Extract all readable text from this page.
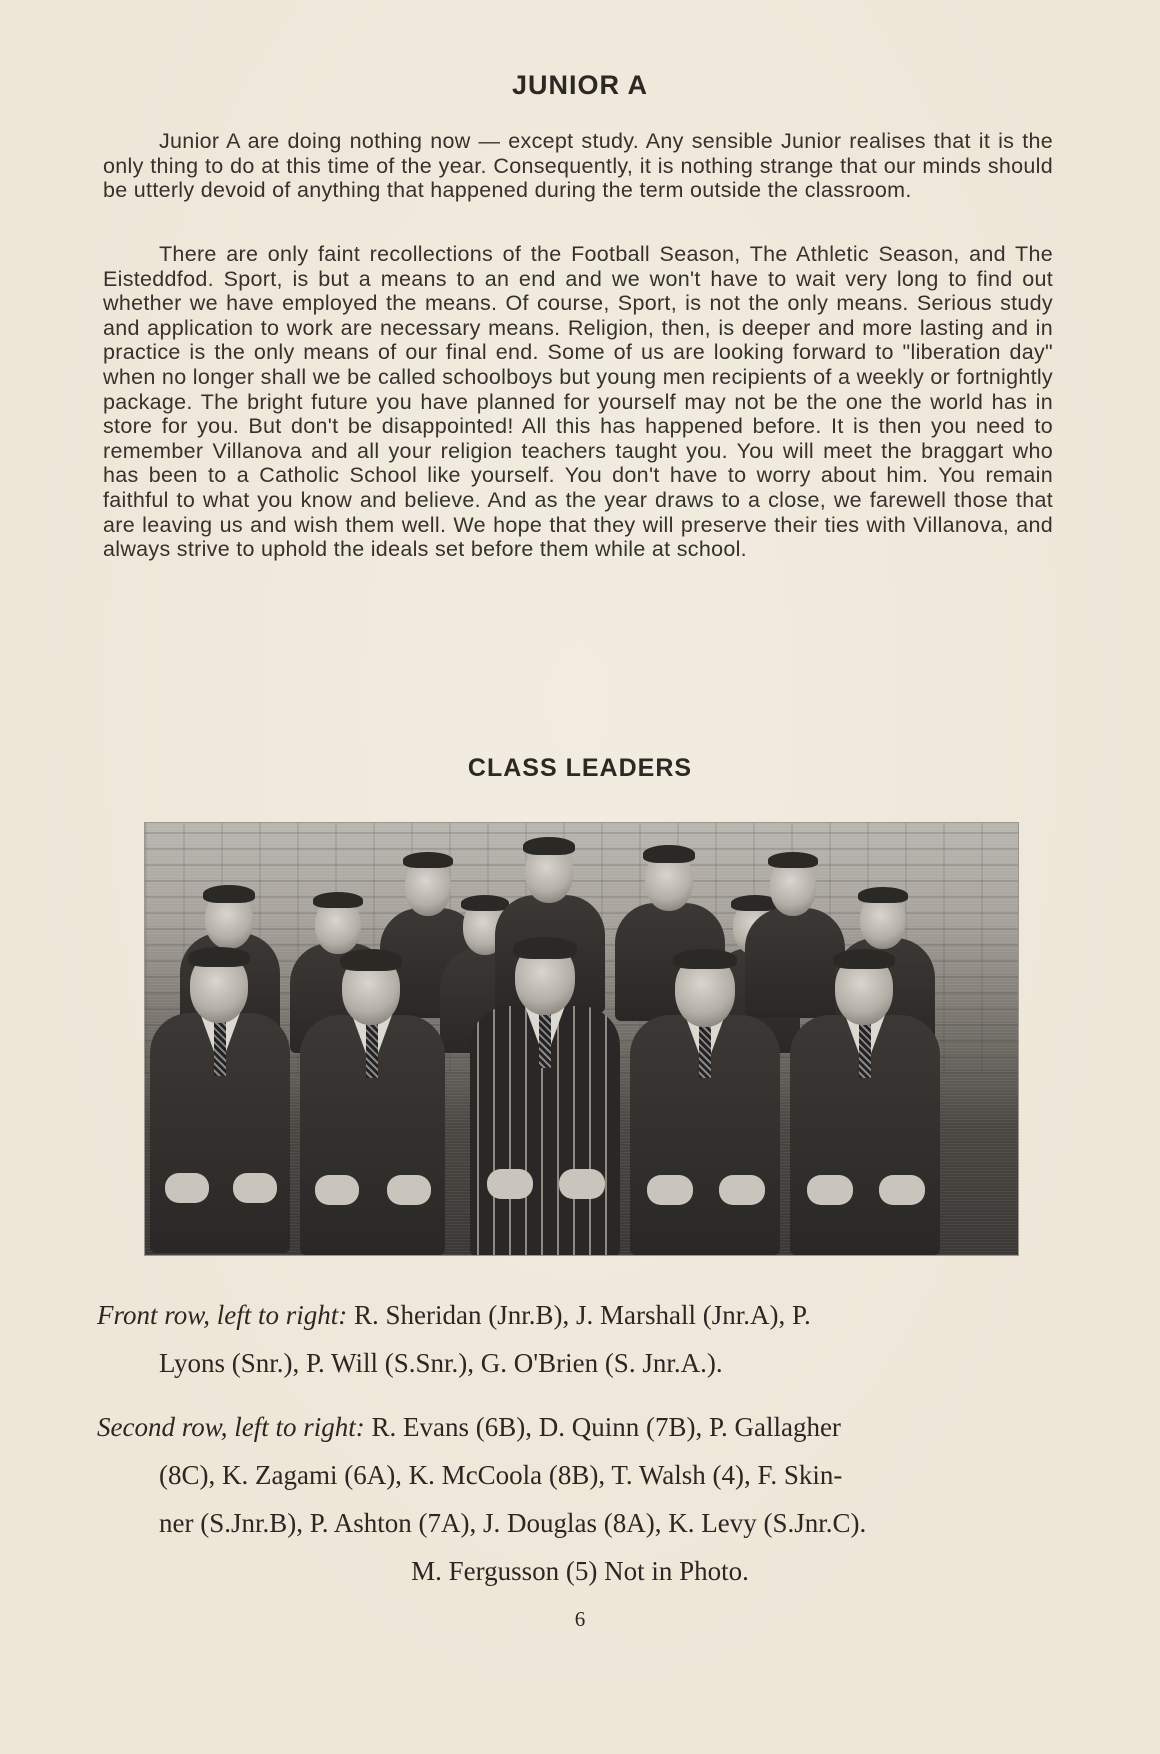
JUNIOR A

Junior A are doing nothing now — except study. Any sensible Junior realises that it is the only thing to do at this time of the year. Consequently, it is nothing strange that our minds should be utterly devoid of anything that happened during the term outside the classroom.

There are only faint recollections of the Football Season, The Athletic Season, and The Eisteddfod. Sport, is but a means to an end and we won't have to wait very long to find out whether we have employed the means. Of course, Sport, is not the only means. Serious study and application to work are necessary means. Religion, then, is deeper and more lasting and in practice is the only means of our final end. Some of us are looking forward to "liberation day" when no longer shall we be called schoolboys but young men recipients of a weekly or fortnightly package. The bright future you have planned for yourself may not be the one the world has in store for you. But don't be disappointed! All this has happened before. It is then you need to remember Villanova and all your religion teachers taught you. You will meet the braggart who has been to a Catholic School like yourself. You don't have to worry about him. You remain faithful to what you know and believe. And as the year draws to a close, we farewell those that are leaving us and wish them well. We hope that they will preserve their ties with Villanova, and always strive to uphold the ideals set before them while at school.

CLASS LEADERS
Front row, left to right: R. Sheridan (Jnr.B), J. Marshall (Jnr.A), P.
Lyons (Snr.), P. Will (S.Snr.), G. O'Brien (S. Jnr.A.).
Second row, left to right: R. Evans (6B), D. Quinn (7B), P. Gallagher
(8C), K. Zagami (6A), K. McCoola (8B), T. Walsh (4), F. Skin-
ner (S.Jnr.B), P. Ashton (7A), J. Douglas (8A), K. Levy (S.Jnr.C).
M. Fergusson (5) Not in Photo.
6
